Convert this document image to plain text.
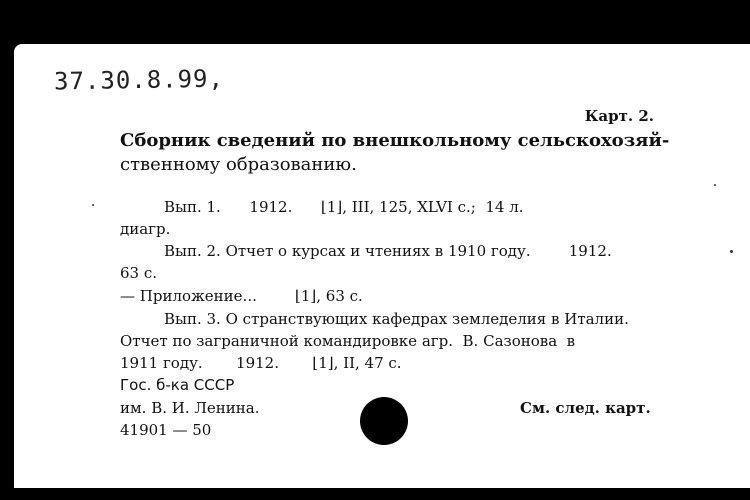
37.30.8.99,
Карт. 2.
Сборник сведений по внешкольному сельскохозяй-
ственному образованию.
Вып. 1.      1912.      ⌊1⌋, III, 125, XLVI с.;  14 л.
диагр.
Вып. 2. Отчет о курсах и чтениях в 1910 году.        1912.
63 с.
— Приложение...        ⌊1⌋, 63 с.
Вып. 3. О странствующих кафедрах земледелия в Италии.
Отчет по заграничной командировке агр.  В. Сазонова  в
1911 году.       1912.       ⌊1⌋, II, 47 с.
Гос. б-ка СССР
им. В. И. Ленина.
41901 — 50
См. след. карт.
